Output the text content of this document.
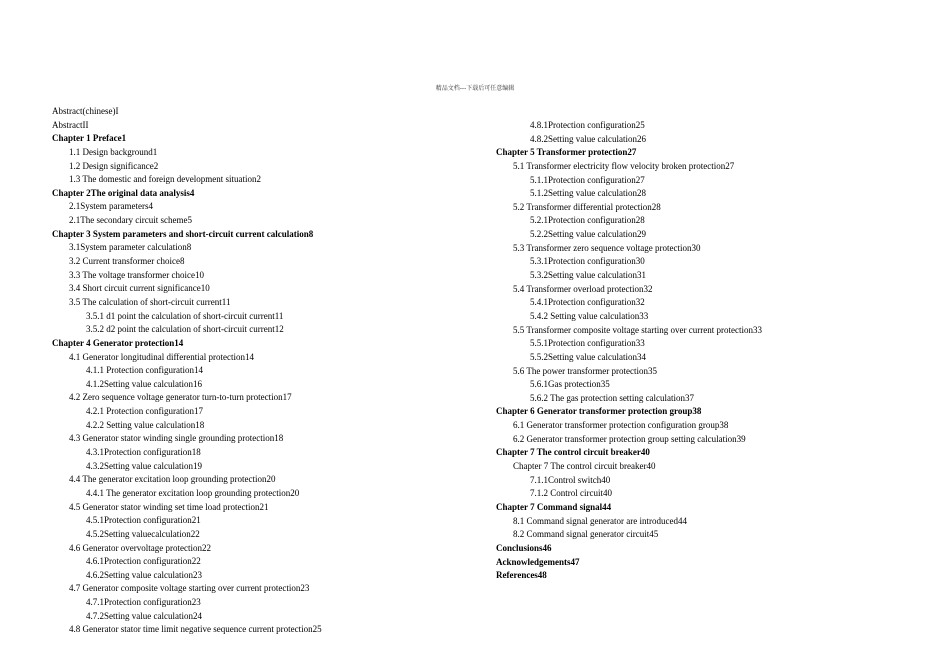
精品文档---下载后可任意编辑
Abstract(chinese)I
AbstractII
Chapter 1 Preface1
1.1 Design background1
1.2 Design significance2
1.3 The domestic and foreign development situation2
Chapter 2The original data analysis4
2.1System parameters4
2.1The secondary circuit scheme5
Chapter 3 System parameters and short-circuit current calculation8
3.1System parameter calculation8
3.2 Current transformer choice8
3.3 The voltage transformer choice10
3.4 Short circuit current significance10
3.5 The calculation of short-circuit current11
3.5.1 d1 point the calculation of short-circuit current11
3.5.2 d2 point the calculation of short-circuit current12
Chapter 4 Generator protection14
4.1 Generator longitudinal differential protection14
4.1.1 Protection configuration14
4.1.2Setting value calculation16
4.2 Zero sequence voltage generator turn-to-turn protection17
4.2.1 Protection configuration17
4.2.2 Setting value calculation18
4.3 Generator stator winding single grounding protection18
4.3.1Protection configuration18
4.3.2Setting value calculation19
4.4 The generator excitation loop grounding protection20
4.4.1 The generator excitation loop grounding protection20
4.5 Generator stator winding set time load protection21
4.5.1Protection configuration21
4.5.2Setting valuecalculation22
4.6 Generator overvoltage protection22
4.6.1Protection configuration22
4.6.2Setting value calculation23
4.7 Generator composite voltage starting over current protection23
4.7.1Protection configuration23
4.7.2Setting value calculation24
4.8 Generator stator time limit negative sequence current protection25
4.8.1Protection configuration25
4.8.2Setting value calculation26
Chapter 5 Transformer protection27
5.1 Transformer electricity flow velocity broken protection27
5.1.1Protection configuration27
5.1.2Setting value calculation28
5.2 Transformer differential protection28
5.2.1Protection configuration28
5.2.2Setting value calculation29
5.3 Transformer zero sequence voltage protection30
5.3.1Protection configuration30
5.3.2Setting value calculation31
5.4 Transformer overload protection32
5.4.1Protection configuration32
5.4.2 Setting value calculation33
5.5 Transformer composite voltage starting over current protection33
5.5.1Protection configuration33
5.5.2Setting value calculation34
5.6 The power transformer protection35
5.6.1Gas protection35
5.6.2 The gas protection setting calculation37
Chapter 6 Generator transformer protection group38
6.1 Generator transformer protection configuration group38
6.2 Generator transformer protection group setting calculation39
Chapter 7 The control circuit breaker40
Chapter 7 The control circuit breaker40
7.1.1Control switch40
7.1.2 Control circuit40
Chapter 7 Command signal44
8.1 Command signal generator are introduced44
8.2 Command signal generator circuit45
Conclusions46
Acknowledgements47
References48
